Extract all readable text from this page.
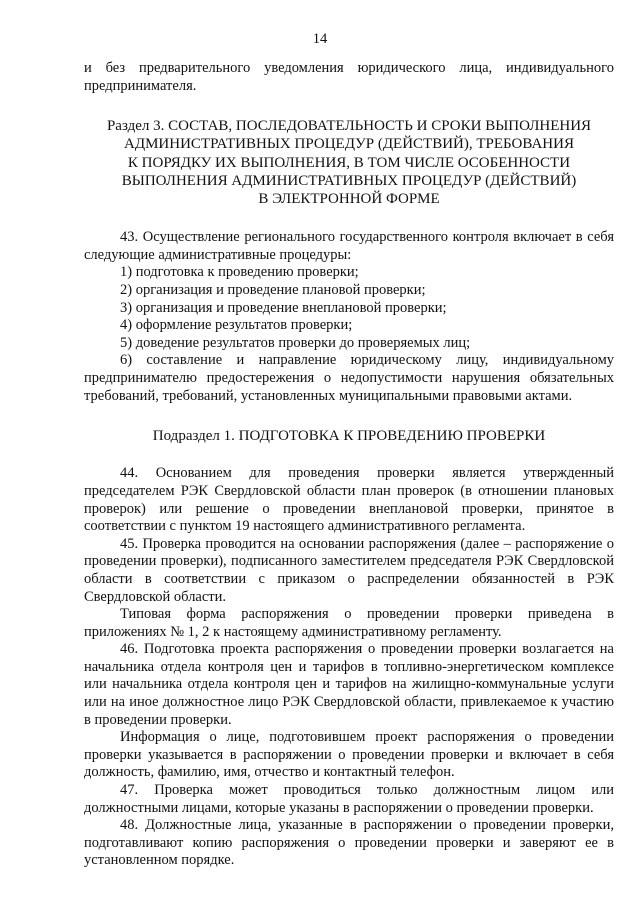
14

и без предварительного уведомления юридического лица, индивидуального предпринимателя.

Раздел 3. СОСТАВ, ПОСЛЕДОВАТЕЛЬНОСТЬ И СРОКИ ВЫПОЛНЕНИЯ
АДМИНИСТРАТИВНЫХ ПРОЦЕДУР (ДЕЙСТВИЙ), ТРЕБОВАНИЯ
К ПОРЯДКУ ИХ ВЫПОЛНЕНИЯ, В ТОМ ЧИСЛЕ ОСОБЕННОСТИ
ВЫПОЛНЕНИЯ АДМИНИСТРАТИВНЫХ ПРОЦЕДУР (ДЕЙСТВИЙ)
В ЭЛЕКТРОННОЙ ФОРМЕ

43. Осуществление регионального государственного контроля включает в себя следующие административные процедуры:

1) подготовка к проведению проверки;

2) организация и проведение плановой проверки;

3) организация и проведение внеплановой проверки;

4) оформление результатов проверки;

5) доведение результатов проверки до проверяемых лиц;

6) составление и направление юридическому лицу, индивидуальному предпринимателю предостережения о недопустимости нарушения обязательных требований, требований, установленных муниципальными правовыми актами.

Подраздел 1. ПОДГОТОВКА К ПРОВЕДЕНИЮ ПРОВЕРКИ

44. Основанием для проведения проверки является утвержденный председателем РЭК Свердловской области план проверок (в отношении плановых проверок) или решение о проведении внеплановой проверки, принятое в соответствии с пунктом 19 настоящего административного регламента.

45. Проверка проводится на основании распоряжения (далее – распоряжение о проведении проверки), подписанного заместителем председателя РЭК Свердловской области в соответствии с приказом о распределении обязанностей в РЭК Свердловской области.

Типовая форма распоряжения о проведении проверки приведена в приложениях № 1, 2 к настоящему административному регламенту.

46. Подготовка проекта распоряжения о проведении проверки возлагается на начальника отдела контроля цен и тарифов в топливно-энергетическом комплексе или начальника отдела контроля цен и тарифов на жилищно-коммунальные услуги или на иное должностное лицо РЭК Свердловской области, привлекаемое к участию в проведении проверки.

Информация о лице, подготовившем проект распоряжения о проведении проверки указывается в распоряжении о проведении проверки и включает в себя должность, фамилию, имя, отчество и контактный телефон.

47. Проверка может проводиться только должностным лицом или должностными лицами, которые указаны в распоряжении о проведении проверки.

48. Должностные лица, указанные в распоряжении о проведении проверки, подготавливают копию распоряжения о проведении проверки и заверяют ее в установленном порядке.
